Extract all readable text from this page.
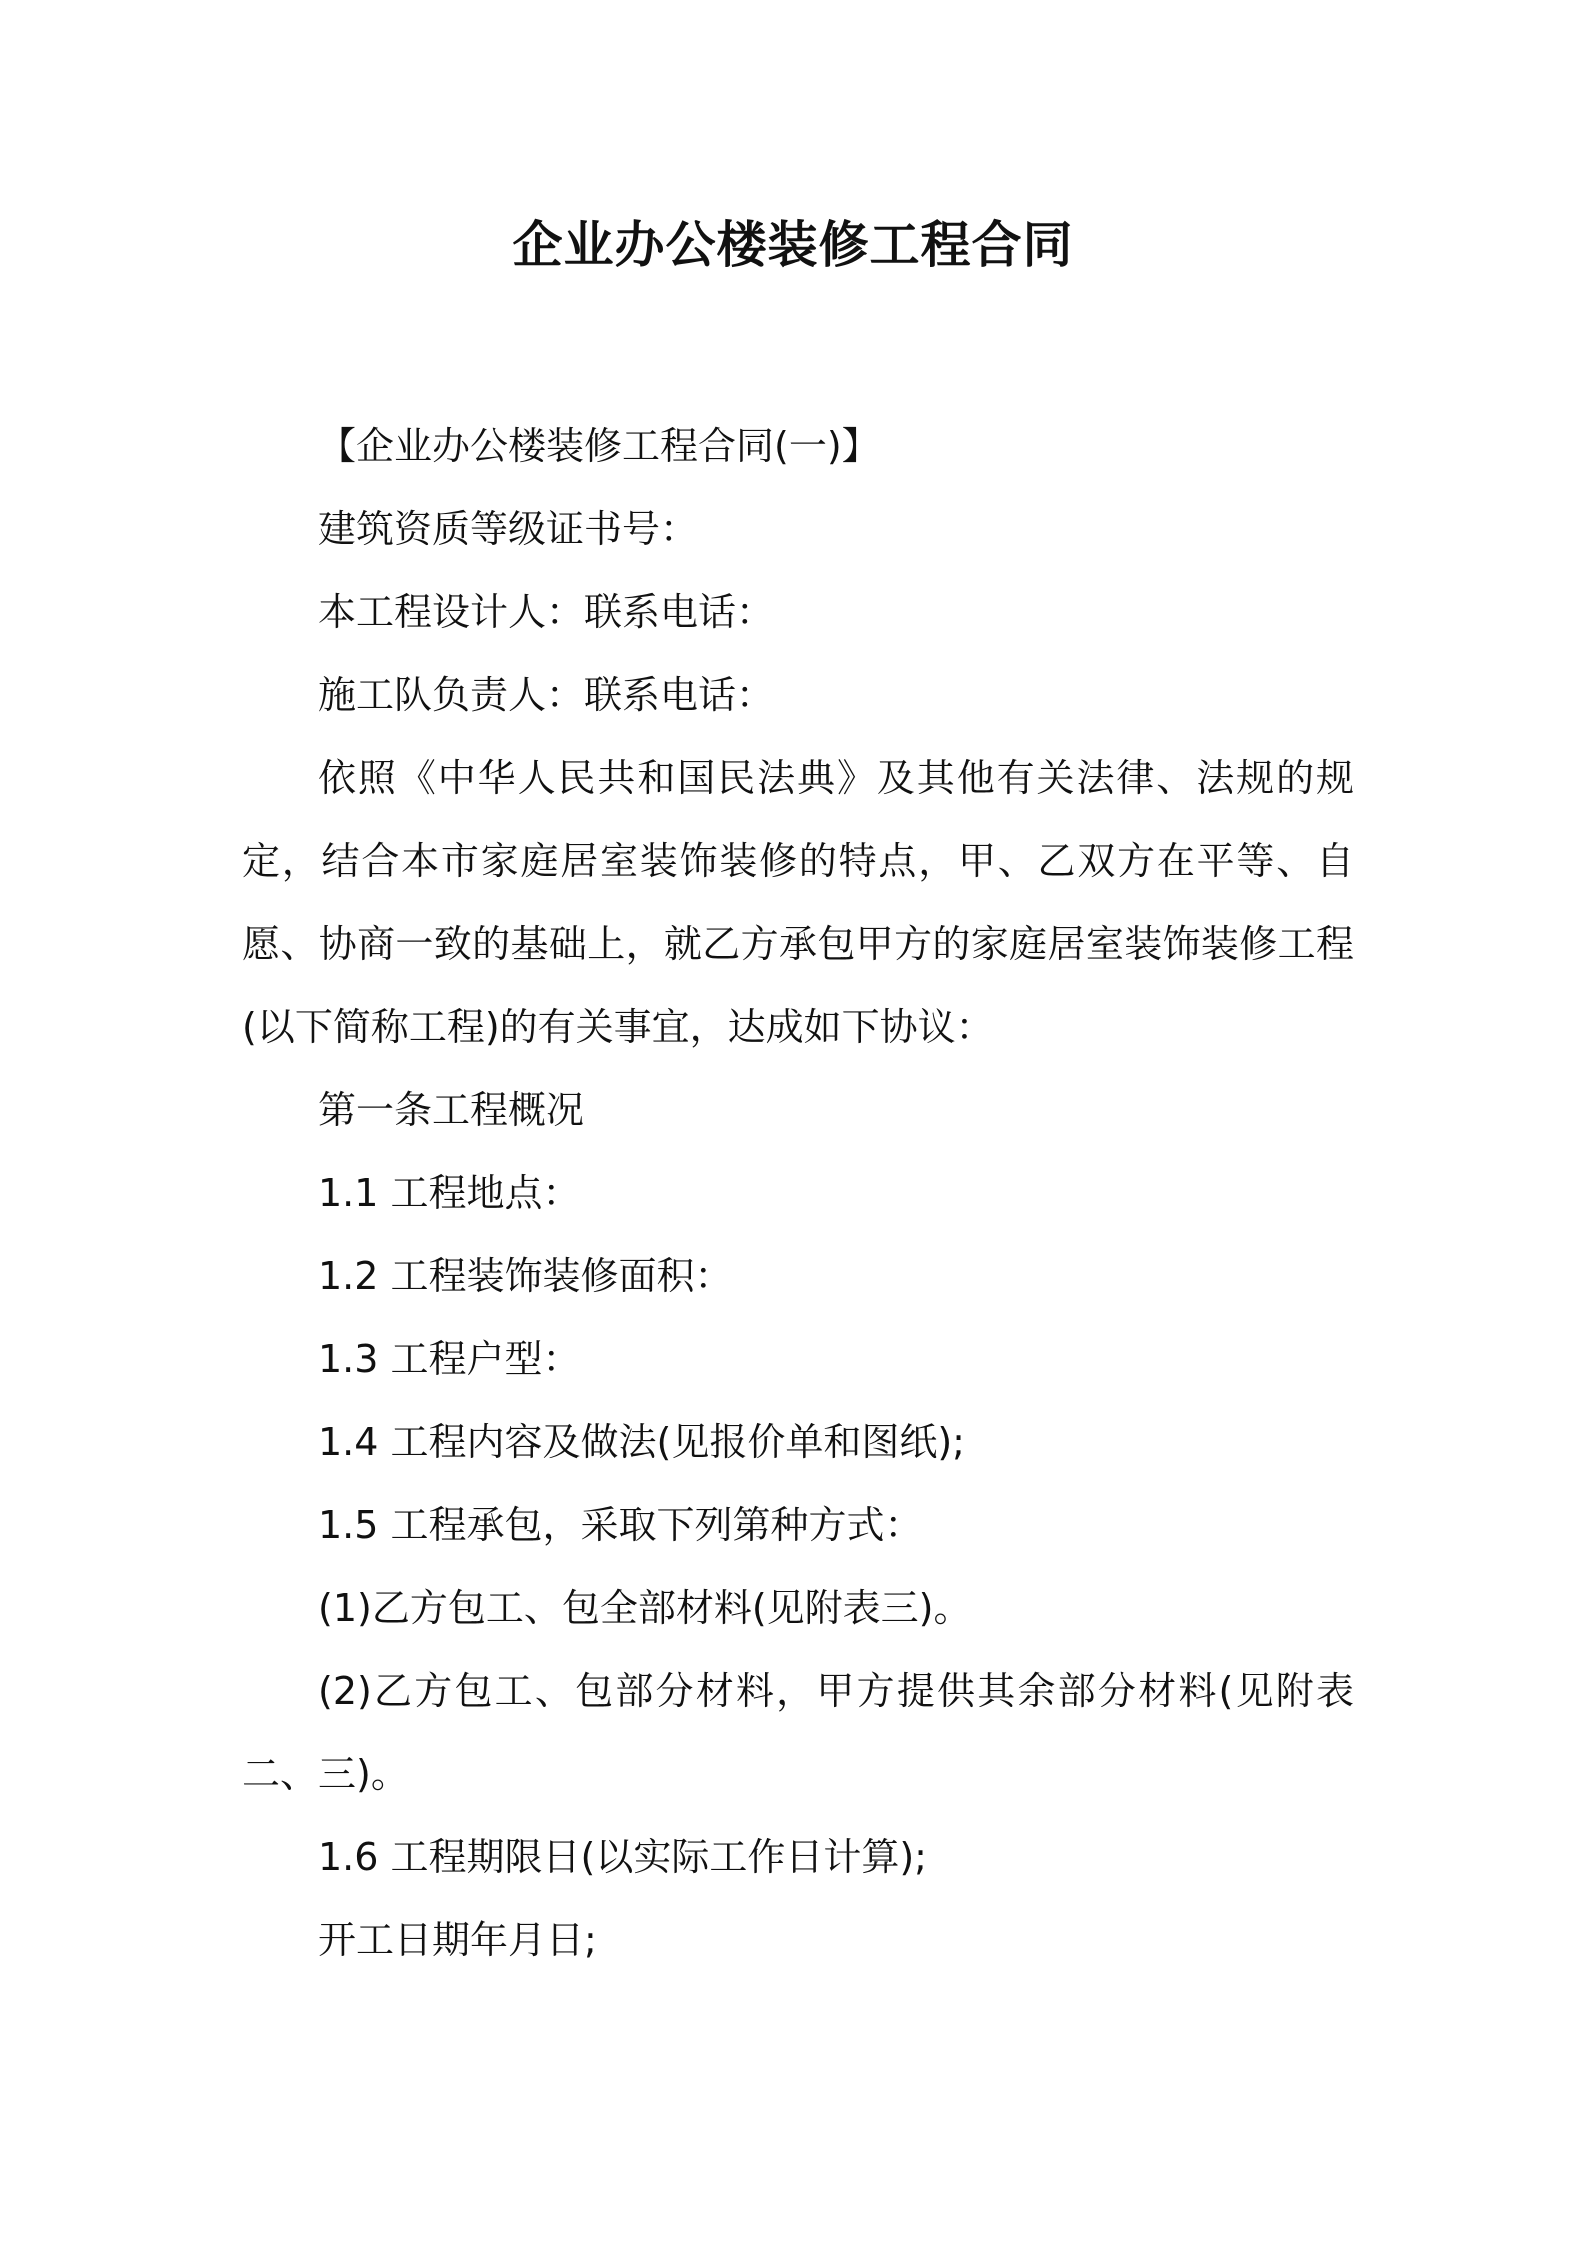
企业办公楼装修工程合同

【企业办公楼装修工程合同(一)】

建筑资质等级证书号：

本工程设计人：联系电话：

施工队负责人：联系电话：

依照《中华人民共和国民法典》及其他有关法律、法规的规定，结合本市家庭居室装饰装修的特点，甲、乙双方在平等、自愿、协商一致的基础上，就乙方承包甲方的家庭居室装饰装修工程(以下简称工程)的有关事宜，达成如下协议：

第一条工程概况

1.1 工程地点：

1.2 工程装饰装修面积：

1.3 工程户型：

1.4 工程内容及做法(见报价单和图纸);

1.5 工程承包，采取下列第种方式：

(1)乙方包工、包全部材料(见附表三)。

(2)乙方包工、包部分材料，甲方提供其余部分材料(见附表二、三)。

1.6 工程期限日(以实际工作日计算);

开工日期年月日;
